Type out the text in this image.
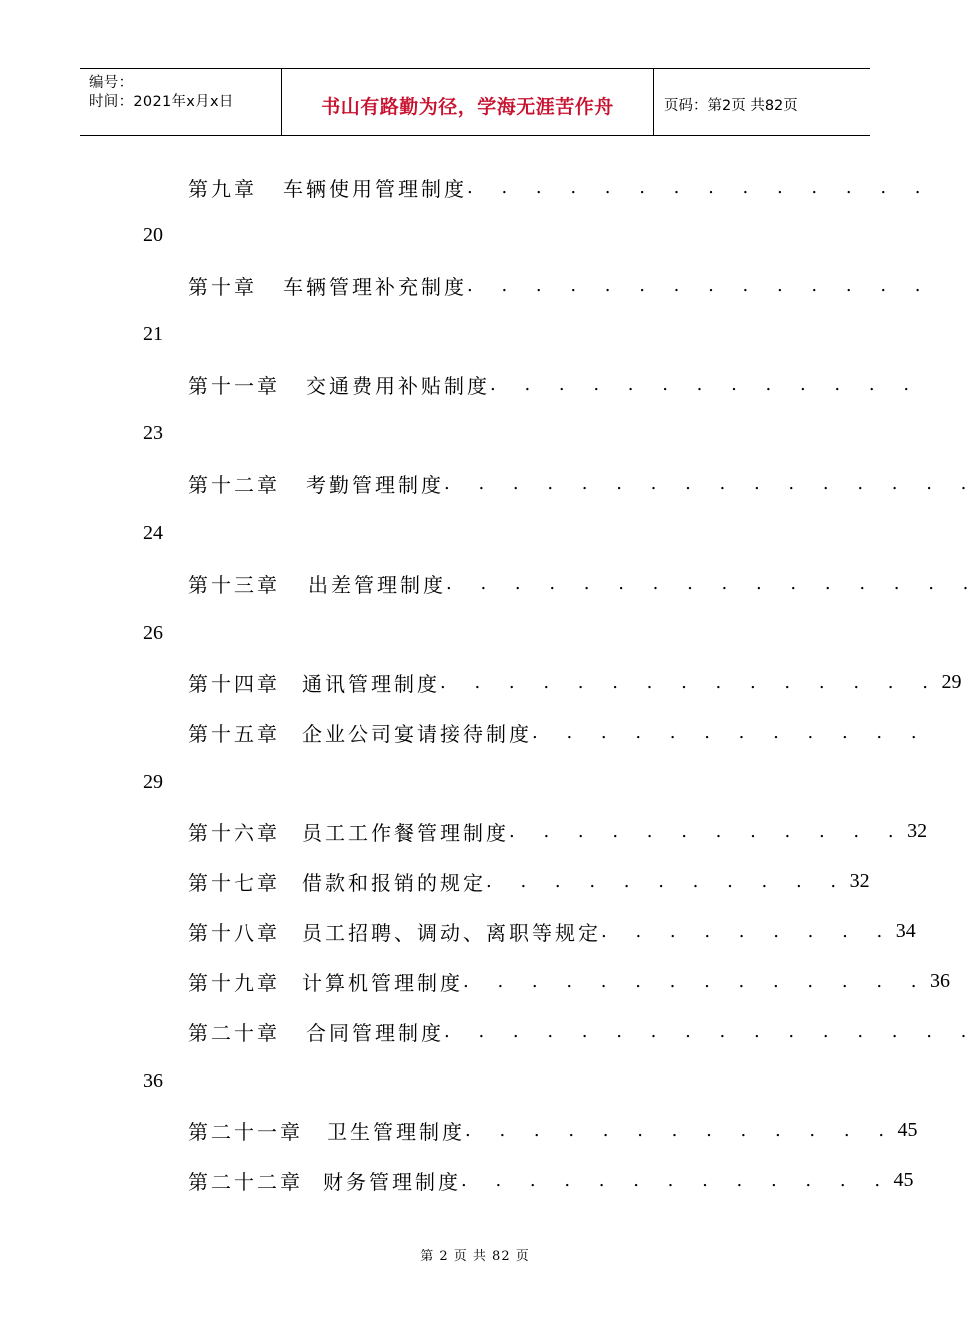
编号：
时间：2021年x月x日	书山有路勤为径，学海无涯苦作舟	页码：第2页 共82页
第九章 车辆使用管理制度 . . . . . . . . . . . . . .
20
第十章 车辆管理补充制度 . . . . . . . . . . . . . .
21
第十一章 交通费用补贴制度 . . . . . . . . . . . . .
23
第十二章 考勤管理制度 . . . . . . . . . . . . . . . .
24
第十三章 出差管理制度 . . . . . . . . . . . . . . . .
26
第十四章 通讯管理制度 . . . . . . . . . . . . . . . 29
第十五章 企业公司宴请接待制度 . . . . . . . . . . . .
29
第十六章 员工工作餐管理制度 . . . . . . . . . . . . 32
第十七章 借款和报销的规定 . . . . . . . . . . . 32
第十八章 员工招聘、调动、离职等规定 . . . . . . . . . 34
第十九章 计算机管理制度 . . . . . . . . . . . . . . 36
第二十章 合同管理制度 . . . . . . . . . . . . . . . .
36
第二十一章 卫生管理制度 . . . . . . . . . . . . . 45
第二十二章 财务管理制度 . . . . . . . . . . . . . 45
第 2 页 共 82 页
